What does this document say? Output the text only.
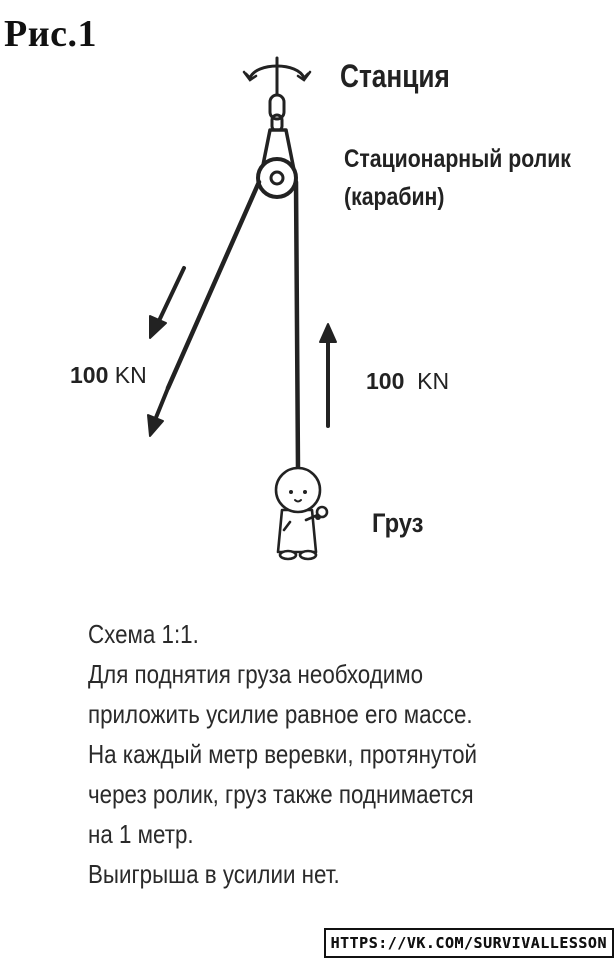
Рис.1
Станция
Стационарный ролик
(карабин)
100 KN	100 KN
Груз
Схема 1:1.
Для поднятия груза необходимо
приложить усилие равное его массе.
На каждый метр веревки, протянутой
через ролик, груз также поднимается
на 1 метр.
Выигрыша в усилии нет.
HTTPS://VK.COM/SURVIVALLESSON
